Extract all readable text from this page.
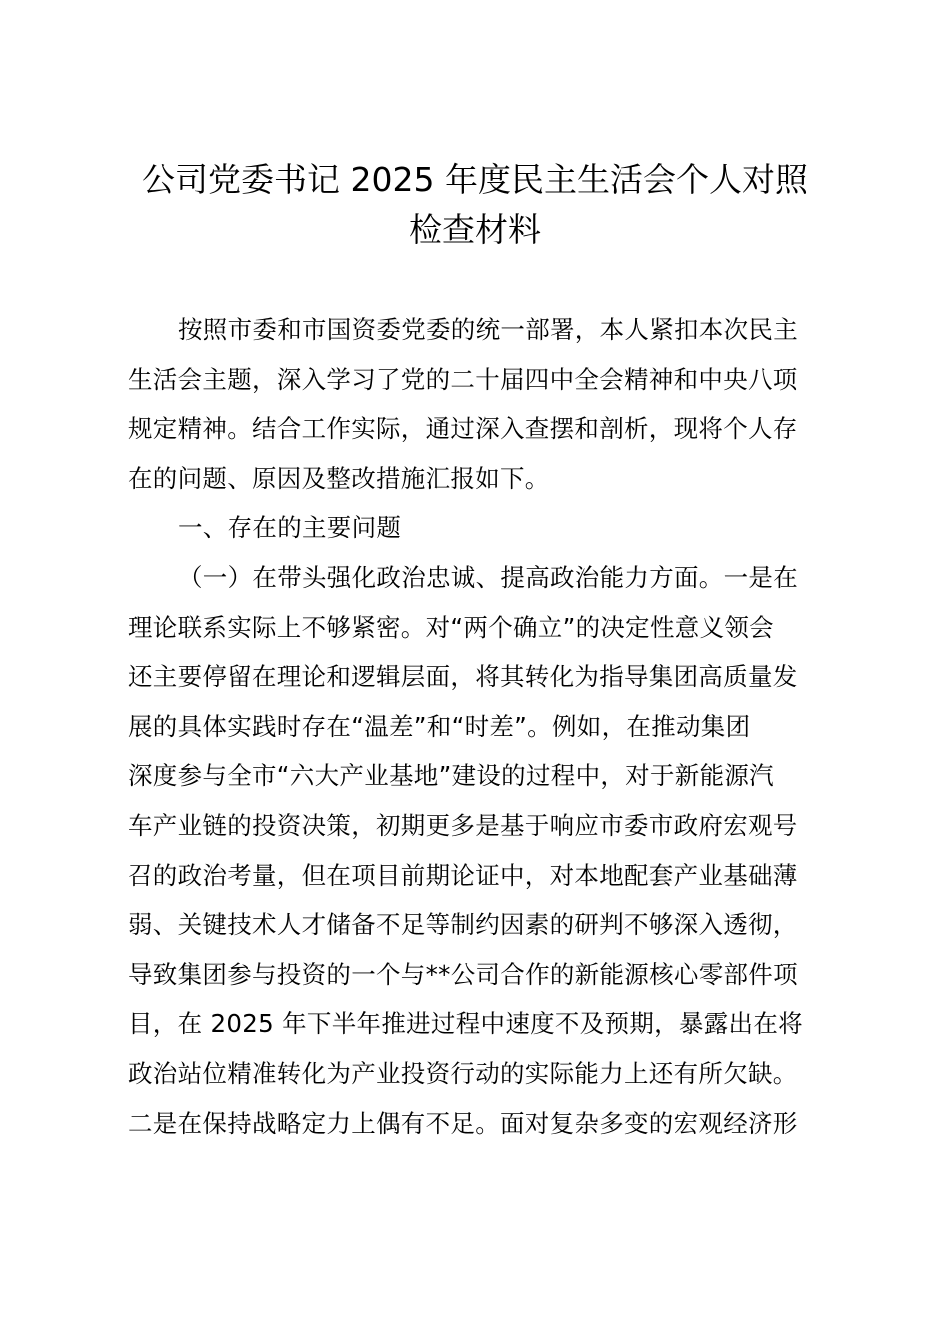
公司党委书记 2025 年度民主生活会个人对照
检查材料
按照市委和市国资委党委的统一部署，本人紧扣本次民主
生活会主题，深入学习了党的二十届四中全会精神和中央八项
规定精神。结合工作实际，通过深入查摆和剖析，现将个人存
在的问题、原因及整改措施汇报如下。
一、存在的主要问题
（一）在带头强化政治忠诚、提高政治能力方面。一是在
理论联系实际上不够紧密。对“两个确立”的决定性意义领会
还主要停留在理论和逻辑层面，将其转化为指导集团高质量发
展的具体实践时存在“温差”和“时差”。例如，在推动集团
深度参与全市“六大产业基地”建设的过程中，对于新能源汽
车产业链的投资决策，初期更多是基于响应市委市政府宏观号
召的政治考量，但在项目前期论证中，对本地配套产业基础薄
弱、关键技术人才储备不足等制约因素的研判不够深入透彻，
导致集团参与投资的一个与**公司合作的新能源核心零部件项
目，在 2025 年下半年推进过程中速度不及预期，暴露出在将
政治站位精准转化为产业投资行动的实际能力上还有所欠缺。
二是在保持战略定力上偶有不足。面对复杂多变的宏观经济形
